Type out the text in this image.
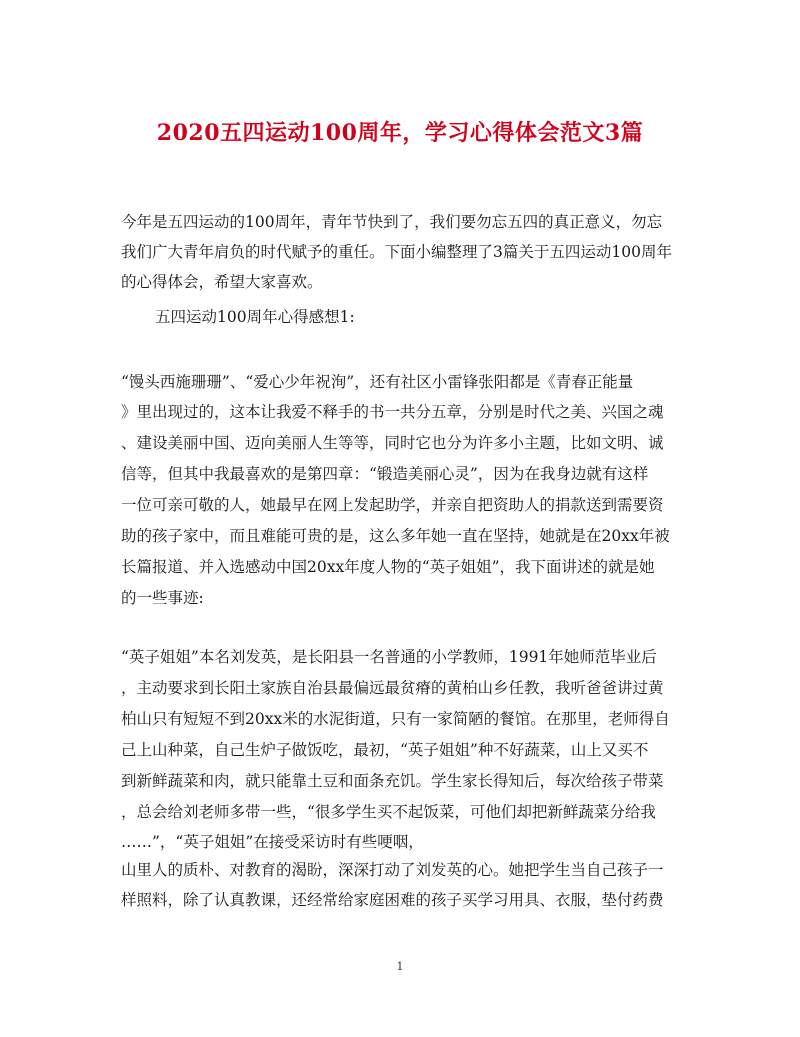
2020五四运动100周年，学习心得体会范文3篇
今年是五四运动的100周年，青年节快到了，我们要勿忘五四的真正意义，勿忘
我们广大青年肩负的时代赋予的重任。下面小编整理了3篇关于五四运动100周年
的心得体会，希望大家喜欢。
五四运动100周年心得感想1:
“馒头西施珊珊”、“爱心少年祝洵”，还有社区小雷锋张阳都是《青春正能量
》里出现过的，这本让我爱不释手的书一共分五章，分别是时代之美、兴国之魂
、建设美丽中国、迈向美丽人生等等，同时它也分为许多小主题，比如文明、诚
信等，但其中我最喜欢的是第四章：“锻造美丽心灵”，因为在我身边就有这样
一位可亲可敬的人，她最早在网上发起助学，并亲自把资助人的捐款送到需要资
助的孩子家中，而且难能可贵的是，这么多年她一直在坚持，她就是在20xx年被
长篇报道、并入选感动中国20xx年度人物的“英子姐姐”，我下面讲述的就是她
的一些事迹:
“英子姐姐”本名刘发英，是长阳县一名普通的小学教师，1991年她师范毕业后
，主动要求到长阳土家族自治县最偏远最贫瘠的黄柏山乡任教，我听爸爸讲过黄
柏山只有短短不到20xx米的水泥街道，只有一家简陋的餐馆。在那里，老师得自
己上山种菜，自己生炉子做饭吃，最初，“英子姐姐”种不好蔬菜，山上又买不
到新鲜蔬菜和肉，就只能靠土豆和面条充饥。学生家长得知后，每次给孩子带菜
，总会给刘老师多带一些，“很多学生买不起饭菜，可他们却把新鲜蔬菜分给我
……”，“英子姐姐”在接受采访时有些哽咽，
山里人的质朴、对教育的渴盼，深深打动了刘发英的心。她把学生当自己孩子一
样照料，除了认真教课，还经常给家庭困难的孩子买学习用具、衣服，垫付药费
1
